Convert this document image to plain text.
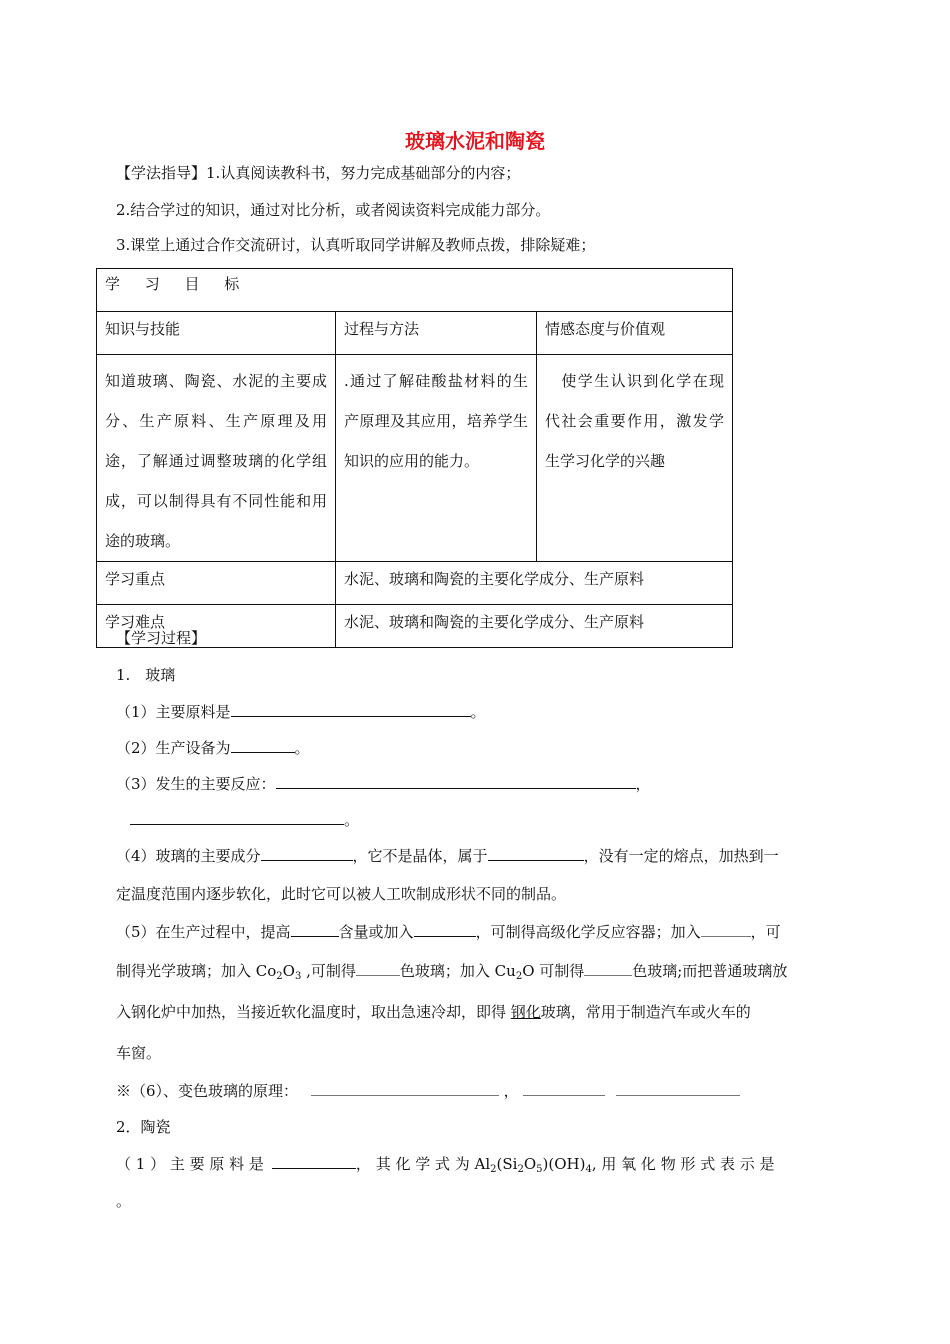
玻璃水泥和陶瓷
【学法指导】1.认真阅读教科书，努力完成基础部分的内容；
2.结合学过的知识，通过对比分析，或者阅读资料完成能力部分。
3.课堂上通过合作交流研讨，认真听取同学讲解及教师点拨，排除疑难；
学 习 目 标		
知识与技能	过程与方法	情感态度与价值观
知道玻璃、陶瓷、水泥的主要成分、生产原料、生产原理及用途，了解通过调整玻璃的化学组成，可以制得具有不同性能和用途的玻璃。	.通过了解硅酸盐材料的生产原理及其应用，培养学生知识的应用的能力。	　使学生认识到化学在现代社会重要作用，激发学生学习化学的兴趣
学习重点	水泥、玻璃和陶瓷的主要化学成分、生产原料	
学习难点	水泥、玻璃和陶瓷的主要化学成分、生产原料	
【学习过程】
1.　玻璃
（1）主要原料是	。
（2）生产设备为	。
（3）发生的主要反应：	，
。
（4）玻璃的主要成分	，它不是晶体，属于	，没有一定的熔点，加热到一
定温度范围内逐步软化，此时它可以被人工吹制成形状不同的制品。
（5）在生产过程中，提高	含量或加入	，可制得高级化学反应容器；加入	，可
制得光学玻璃；加入 $Co_2O_3$ ,可制得	色玻璃；加入 $Cu_2O$ 可制得	色玻璃;而把普通玻璃放
入钢化炉中加热，当接近软化温度时，取出急速冷却，即得 钢化玻璃，常用于制造汽车或火车的
车窗。
※（6）、变色玻璃的原理：	，
2．陶瓷
（ 1 ） 主 要 原 料 是	， 其 化 学 式 为 $Al_2(Si_2O_5)(OH)_4$, 用 氧 化 物 形 式 表 示 是
。
